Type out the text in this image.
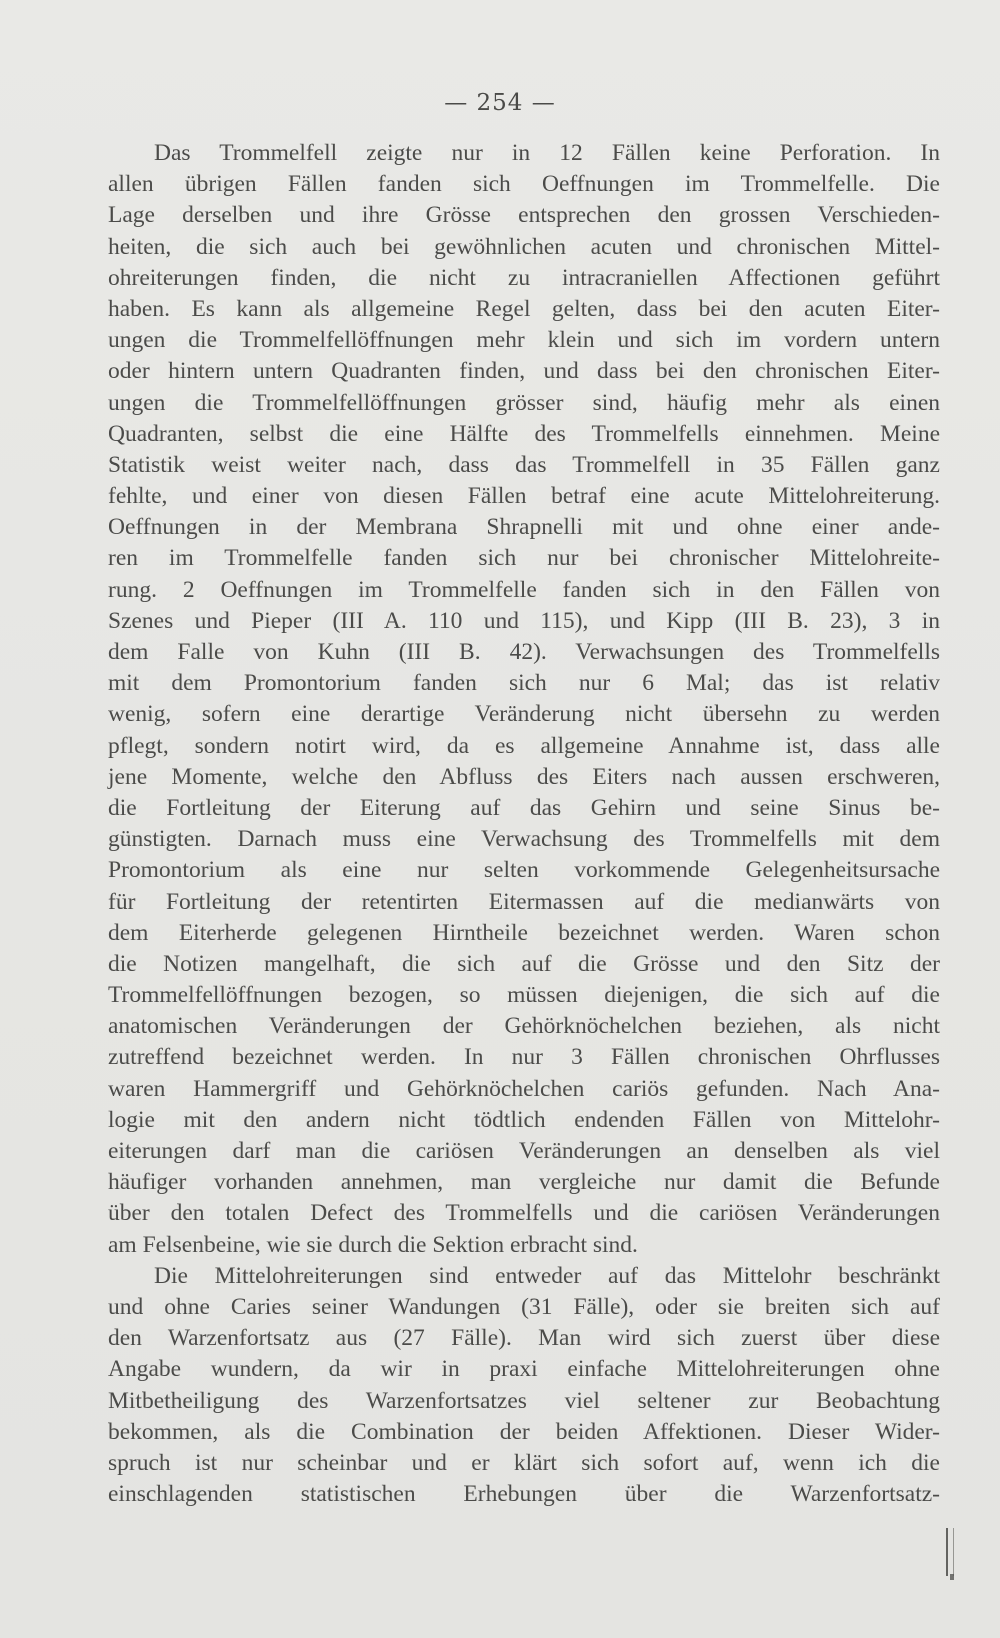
— 254 —
Das Trommelfell zeigte nur in 12 Fällen keine Perforation. In
allen übrigen Fällen fanden sich Oeffnungen im Trommelfelle. Die
Lage derselben und ihre Grösse entsprechen den grossen Verschieden-
heiten, die sich auch bei gewöhnlichen acuten und chronischen Mittel-
ohreiterungen finden, die nicht zu intracraniellen Affectionen geführt
haben. Es kann als allgemeine Regel gelten, dass bei den acuten Eiter-
ungen die Trommelfellöffnungen mehr klein und sich im vordern untern
oder hintern untern Quadranten finden, und dass bei den chronischen Eiter-
ungen die Trommelfellöffnungen grösser sind, häufig mehr als einen
Quadranten, selbst die eine Hälfte des Trommelfells einnehmen. Meine
Statistik weist weiter nach, dass das Trommelfell in 35 Fällen ganz
fehlte, und einer von diesen Fällen betraf eine acute Mittelohreiterung.
Oeffnungen in der Membrana Shrapnelli mit und ohne einer ande-
ren im Trommelfelle fanden sich nur bei chronischer Mittelohreite-
rung. 2 Oeffnungen im Trommelfelle fanden sich in den Fällen von
Szenes und Pieper (III A. 110 und 115), und Kipp (III B. 23), 3 in
dem Falle von Kuhn (III B. 42). Verwachsungen des Trommelfells
mit dem Promontorium fanden sich nur 6 Mal; das ist relativ
wenig, sofern eine derartige Veränderung nicht übersehn zu werden
pflegt, sondern notirt wird, da es allgemeine Annahme ist, dass alle
jene Momente, welche den Abfluss des Eiters nach aussen erschweren,
die Fortleitung der Eiterung auf das Gehirn und seine Sinus be-
günstigten. Darnach muss eine Verwachsung des Trommelfells mit dem
Promontorium als eine nur selten vorkommende Gelegenheitsursache
für Fortleitung der retentirten Eitermassen auf die medianwärts von
dem Eiterherde gelegenen Hirntheile bezeichnet werden. Waren schon
die Notizen mangelhaft, die sich auf die Grösse und den Sitz der
Trommelfellöffnungen bezogen, so müssen diejenigen, die sich auf die
anatomischen Veränderungen der Gehörknöchelchen beziehen, als nicht
zutreffend bezeichnet werden. In nur 3 Fällen chronischen Ohrflusses
waren Hammergriff und Gehörknöchelchen cariös gefunden. Nach Ana-
logie mit den andern nicht tödtlich endenden Fällen von Mittelohr-
eiterungen darf man die cariösen Veränderungen an denselben als viel
häufiger vorhanden annehmen, man vergleiche nur damit die Befunde
über den totalen Defect des Trommelfells und die cariösen Veränderungen
am Felsenbeine, wie sie durch die Sektion erbracht sind.
Die Mittelohreiterungen sind entweder auf das Mittelohr beschränkt
und ohne Caries seiner Wandungen (31 Fälle), oder sie breiten sich auf
den Warzenfortsatz aus (27 Fälle). Man wird sich zuerst über diese
Angabe wundern, da wir in praxi einfache Mittelohreiterungen ohne
Mitbetheiligung des Warzenfortsatzes viel seltener zur Beobachtung
bekommen, als die Combination der beiden Affektionen. Dieser Wider-
spruch ist nur scheinbar und er klärt sich sofort auf, wenn ich die
einschlagenden statistischen Erhebungen über die Warzenfortsatz-
